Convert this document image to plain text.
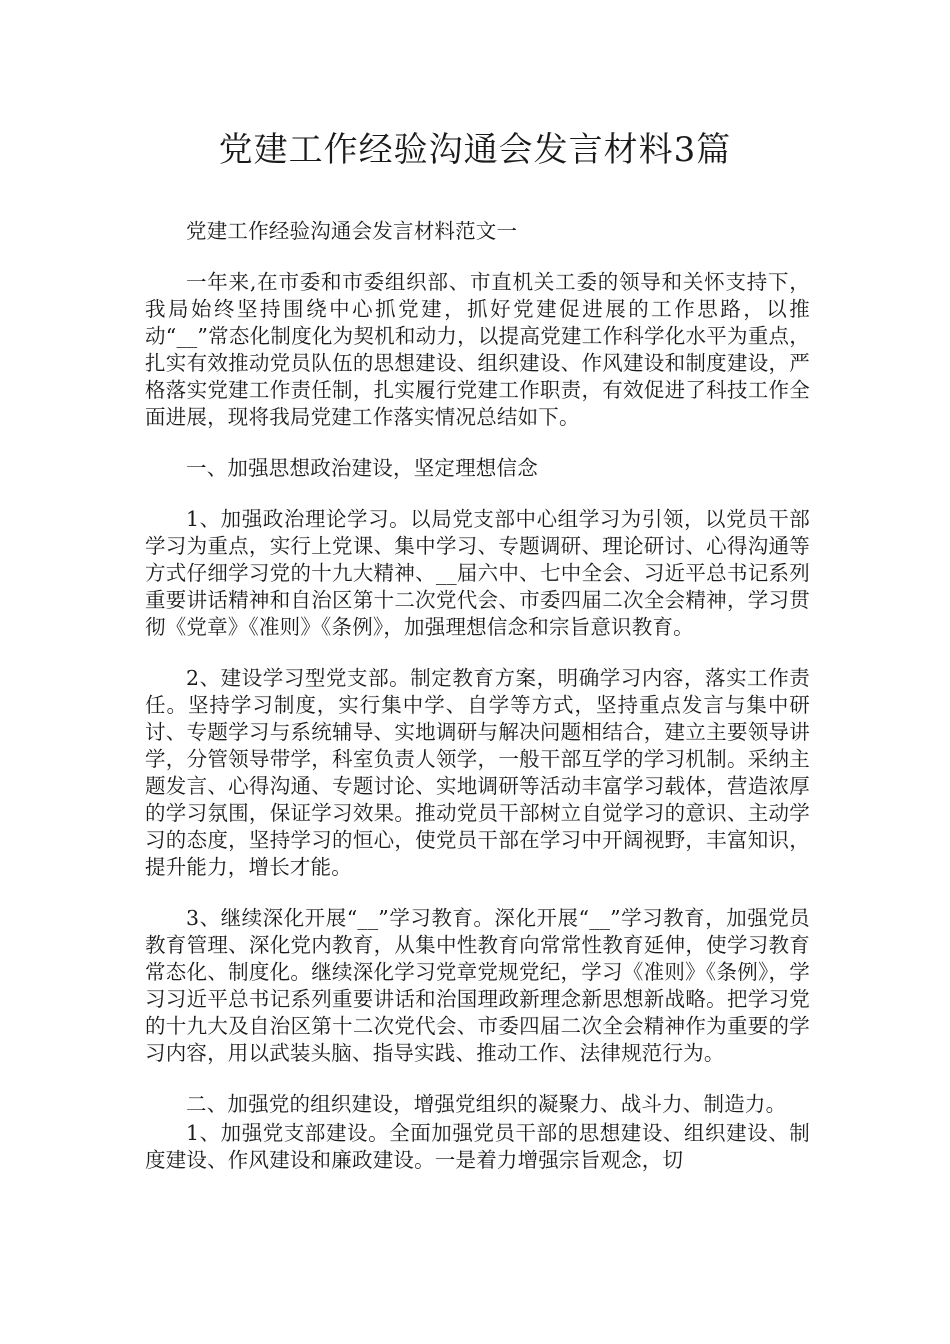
党建工作经验沟通会发言材料3篇

党建工作经验沟通会发言材料范文一

一年来,在市委和市委组织部、市直机关工委的领导和关怀支持下，我局始终坚持围绕中心抓党建，抓好党建促进展的工作思路，以推动“__”常态化制度化为契机和动力，以提高党建工作科学化水平为重点，扎实有效推动党员队伍的思想建设、组织建设、作风建设和制度建设，严格落实党建工作责任制，扎实履行党建工作职责，有效促进了科技工作全面进展，现将我局党建工作落实情况总结如下。

一、加强思想政治建设，坚定理想信念

1、加强政治理论学习。以局党支部中心组学习为引领，以党员干部学习为重点，实行上党课、集中学习、专题调研、理论研讨、心得沟通等方式仔细学习党的十九大精神、__届六中、七中全会、习近平总书记系列重要讲话精神和自治区第十二次党代会、市委四届二次全会精神，学习贯彻《党章》《准则》《条例》，加强理想信念和宗旨意识教育。

2、建设学习型党支部。制定教育方案，明确学习内容，落实工作责任。坚持学习制度，实行集中学、自学等方式，坚持重点发言与集中研讨、专题学习与系统辅导、实地调研与解决问题相结合，建立主要领导讲学，分管领导带学，科室负责人领学，一般干部互学的学习机制。采纳主题发言、心得沟通、专题讨论、实地调研等活动丰富学习载体，营造浓厚的学习氛围，保证学习效果。推动党员干部树立自觉学习的意识、主动学习的态度，坚持学习的恒心，使党员干部在学习中开阔视野，丰富知识，提升能力，增长才能。

3、继续深化开展“__”学习教育。深化开展“__”学习教育，加强党员教育管理、深化党内教育，从集中性教育向常常性教育延伸，使学习教育常态化、制度化。继续深化学习党章党规党纪，学习《准则》《条例》，学习习近平总书记系列重要讲话和治国理政新理念新思想新战略。把学习党的十九大及自治区第十二次党代会、市委四届二次全会精神作为重要的学习内容，用以武装头脑、指导实践、推动工作、法律规范行为。

二、加强党的组织建设，增强党组织的凝聚力、战斗力、制造力。

1、加强党支部建设。全面加强党员干部的思想建设、组织建设、制度建设、作风建设和廉政建设。一是着力增强宗旨观念，切
